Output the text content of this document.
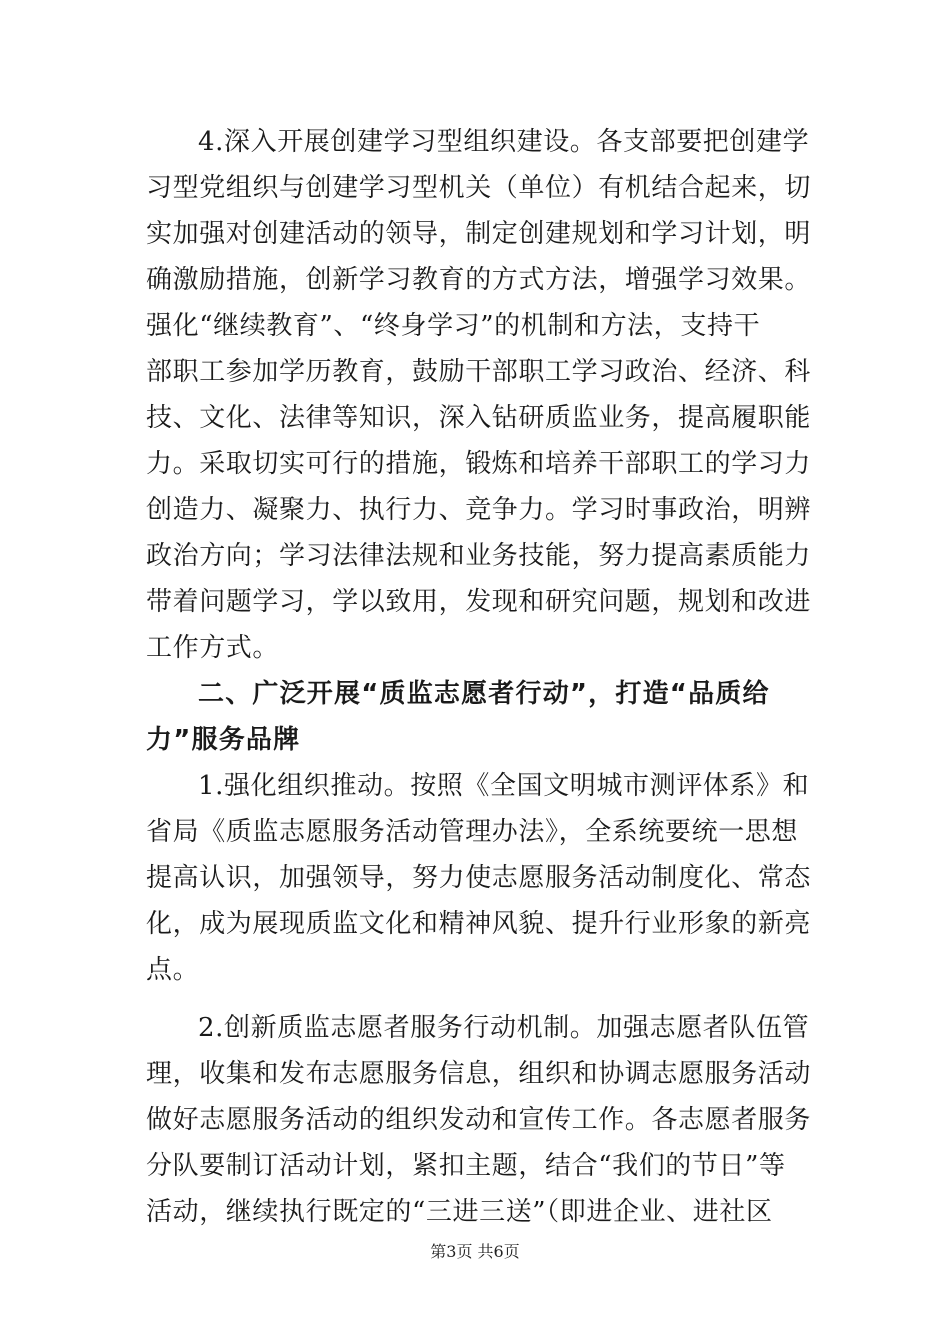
4.深入开展创建学习型组织建设。各支部要把创建学
习型党组织与创建学习型机关（单位）有机结合起来，切
实加强对创建活动的领导，制定创建规划和学习计划，明
确激励措施，创新学习教育的方式方法，增强学习效果。
强化“继续教育”、“终身学习”的机制和方法，支持干
部职工参加学历教育，鼓励干部职工学习政治、经济、科
技、文化、法律等知识，深入钻研质监业务，提高履职能
力。采取切实可行的措施，锻炼和培养干部职工的学习力
创造力、凝聚力、执行力、竞争力。学习时事政治，明辨
政治方向；学习法律法规和业务技能，努力提高素质能力
带着问题学习，学以致用，发现和研究问题，规划和改进
工作方式。
二、广泛开展“质监志愿者行动”，打造“品质给
力”服务品牌
1.强化组织推动。按照《全国文明城市测评体系》和
省局《质监志愿服务活动管理办法》，全系统要统一思想
提高认识，加强领导，努力使志愿服务活动制度化、常态
化，成为展现质监文化和精神风貌、提升行业形象的新亮
点。
2.创新质监志愿者服务行动机制。加强志愿者队伍管
理，收集和发布志愿服务信息，组织和协调志愿服务活动
做好志愿服务活动的组织发动和宣传工作。各志愿者服务
分队要制订活动计划，紧扣主题，结合“我们的节日”等
活动，继续执行既定的“三进三送”（即进企业、进社区
第3页 共6页
